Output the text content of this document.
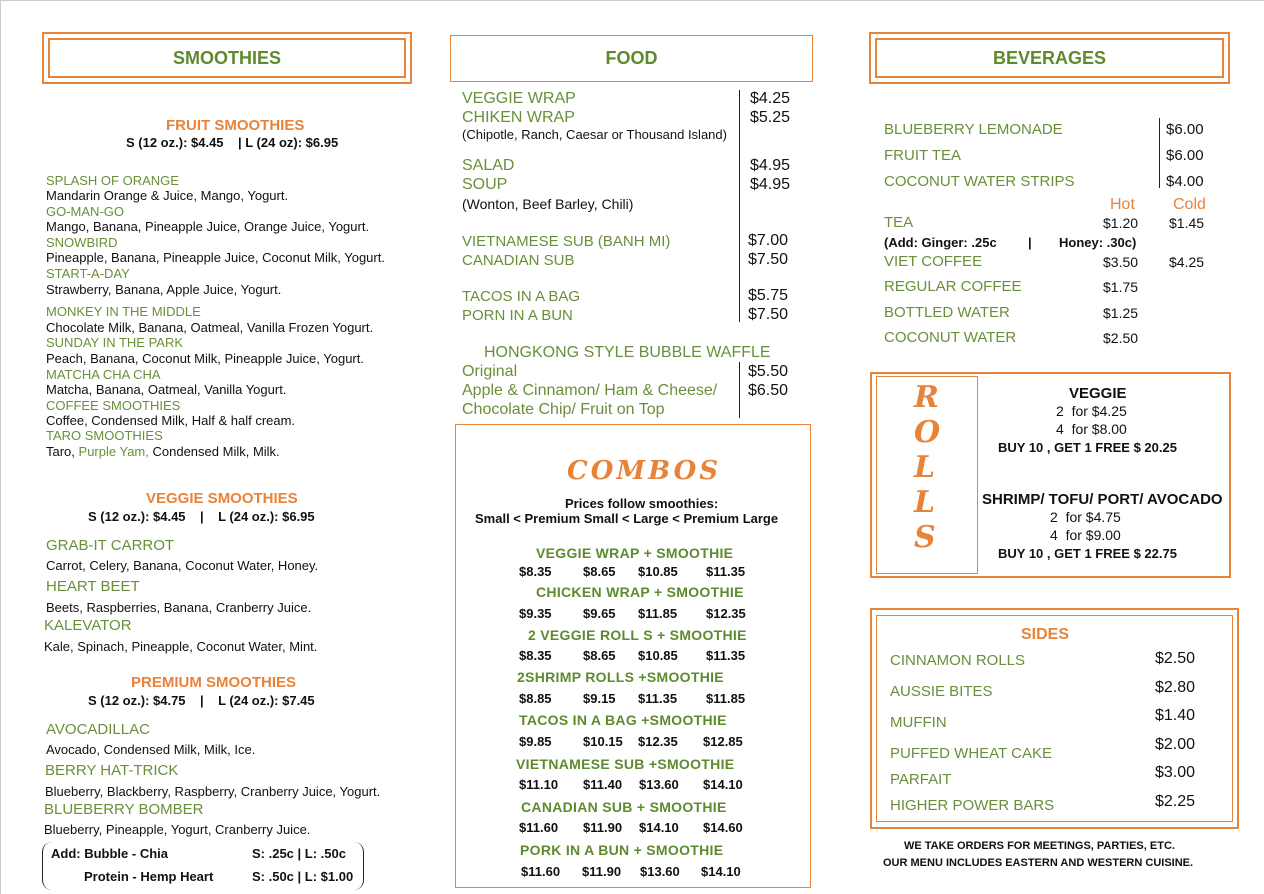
SMOOTHIES
FRUIT SMOOTHIES
S (12 oz.): $4.45    | L (24 oz): $6.95
SPLASH OF ORANGE
Mandarin Orange & Juice, Mango, Yogurt.
GO-MAN-GO
Mango, Banana, Pineapple Juice, Orange Juice, Yogurt.
SNOWBIRD
Pineapple, Banana, Pineapple Juice, Coconut Milk, Yogurt.
START-A-DAY
Strawberry, Banana, Apple Juice, Yogurt.
MONKEY IN THE MIDDLE
Chocolate Milk, Banana, Oatmeal, Vanilla Frozen Yogurt.
SUNDAY IN THE PARK
Peach, Banana, Coconut Milk, Pineapple Juice, Yogurt.
MATCHA CHA CHA
Matcha, Banana, Oatmeal, Vanilla Yogurt.
COFFEE SMOOTHIES
Coffee, Condensed Milk, Half & half cream.
TARO SMOOTHIES
Taro, Purple Yam, Condensed Milk, Milk.
VEGGIE SMOOTHIES
S (12 oz.): $4.45    |    L (24 oz.): $6.95
GRAB-IT CARROT
Carrot, Celery, Banana, Coconut Water, Honey.
HEART BEET
Beets, Raspberries, Banana, Cranberry Juice.
KALEVATOR
Kale, Spinach, Pineapple, Coconut Water, Mint.
PREMIUM SMOOTHIES
S (12 oz.): $4.75    |    L (24 oz.): $7.45
AVOCADILLAC
Avocado, Condensed Milk, Milk, Ice.
BERRY HAT-TRICK
Blueberry, Blackberry, Raspberry, Cranberry Juice, Yogurt.
BLUEBERRY BOMBER
Blueberry, Pineapple, Yogurt, Cranberry Juice.
Add: Bubble - Chia	S: .25c | L: .50c
Protein - Hemp Heart	S: .50c | L: $1.00
FOOD
VEGGIE WRAP	$4.25
CHIKEN WRAP	$5.25
(Chipotle, Ranch, Caesar or Thousand Island)
SALAD	$4.95
SOUP	$4.95
(Wonton, Beef Barley, Chili)
VIETNAMESE SUB (BANH MI)	$7.00
CANADIAN SUB	$7.50
TACOS IN A BAG	$5.75
PORN IN A BUN	$7.50
HONGKONG STYLE BUBBLE WAFFLE
Original	$5.50
Apple & Cinnamon/ Ham & Cheese/ $6.50
Chocolate Chip/ Fruit on Top
COMBOS
Prices follow smoothies:
Small < Premium Small < Large < Premium Large
VEGGIE WRAP + SMOOTHIE
$8.35 $8.65 $10.85 $11.35
CHICKEN WRAP + SMOOTHIE
$9.35 $9.65 $11.85 $12.35
2 VEGGIE ROLL S + SMOOTHIE
$8.35 $8.65 $10.85 $11.35
2SHRIMP ROLLS +SMOOTHIE
$8.85 $9.15 $11.35 $11.85
TACOS IN A BAG +SMOOTHIE
$9.85 $10.15 $12.35 $12.85
VIETNAMESE SUB +SMOOTHIE
$11.10 $11.40 $13.60 $14.10
CANADIAN SUB + SMOOTHIE
$11.60 $11.90 $14.10 $14.60
PORK IN A BUN + SMOOTHIE
$11.60 $11.90 $13.60 $14.10
BEVERAGES
BLUEBERRY LEMONADE	$6.00
FRUIT TEA	$6.00
COCONUT WATER STRIPS	$4.00
Hot Cold
TEA	$1.20 $1.45
(Add: Ginger: .25c | Honey: .30c)
VIET COFFEE	$3.50 $4.25
REGULAR COFFEE	$1.75
BOTTLED WATER	$1.25
COCONUT WATER	$2.50
R
O
L
L
S
VEGGIE
2  for $4.25
4  for $8.00
BUY 10 , GET 1 FREE $ 20.25
SHRIMP/ TOFU/ PORT/ AVOCADO
2  for $4.75
4  for $9.00
BUY 10 , GET 1 FREE $ 22.75
SIDES
CINNAMON ROLLS	$2.50
AUSSIE BITES	$2.80
MUFFIN	$1.40
PUFFED WHEAT CAKE
$2.00
PARFAIT	$3.00
HIGHER POWER BARS	$2.25
WE TAKE ORDERS FOR MEETINGS, PARTIES, ETC.
OUR MENU INCLUDES EASTERN AND WESTERN CUISINE.
